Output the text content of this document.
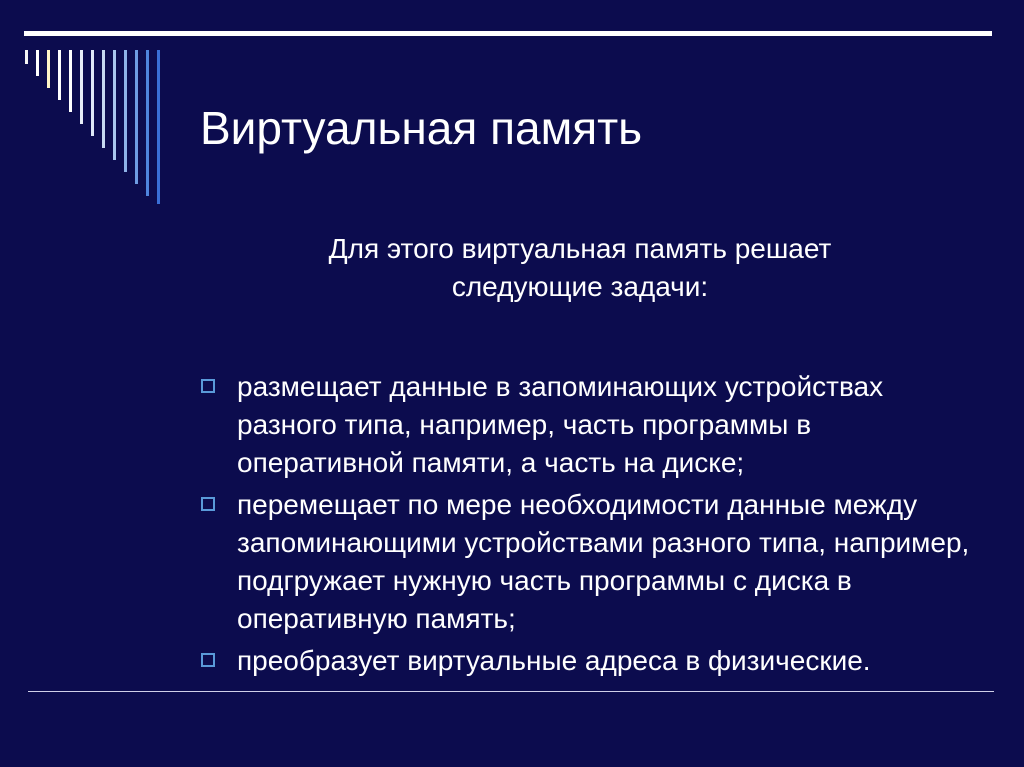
Виртуальная память
Для этого виртуальная память решает
следующие задачи:
размещает данные в запоминающих устройствах разного типа, например, часть программы в оперативной памяти, а часть на диске;
перемещает по мере необходимости данные между запоминающими устройствами разного типа, например, подгружает нужную часть программы с диска в оперативную память;
преобразует виртуальные адреса в физические.
